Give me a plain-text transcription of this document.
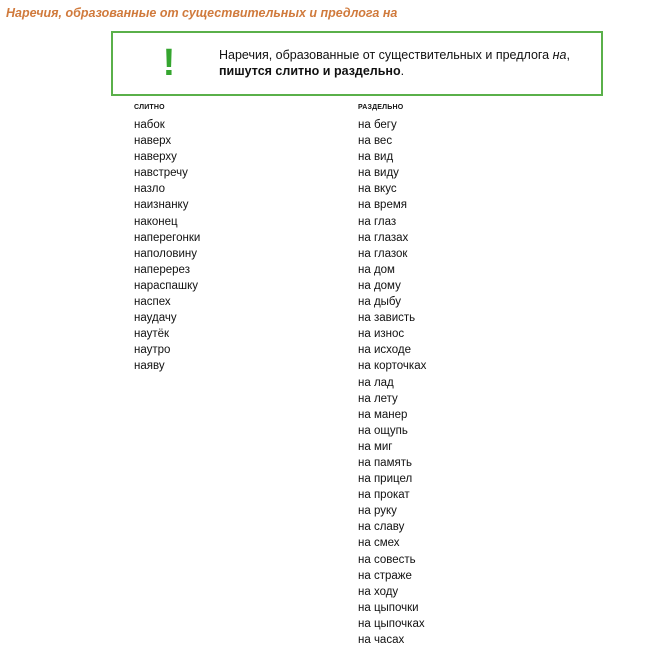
Наречия, образованные от существительных и предлога на
!	Наречия, образованные от существительных и предлога на,
пишутся слитно и раздельно.
СЛИТНО
набок
наверх
наверху
навстречу
назло
наизнанку
наконец
наперегонки
наполовину
наперерез
нараспашку
наспех
наудачу
наутёк
наутро
наяву
РАЗДЕЛЬНО
на бегу
на вес
на вид
на виду
на вкус
на время
на глаз
на глазах
на глазок
на дом
на дому
на дыбу
на зависть
на износ
на исходе
на корточках
на лад
на лету
на манер
на ощупь
на миг
на память
на прицел
на прокат
на руку
на славу
на смех
на совесть
на страже
на ходу
на цыпочки
на цыпочках
на часах
